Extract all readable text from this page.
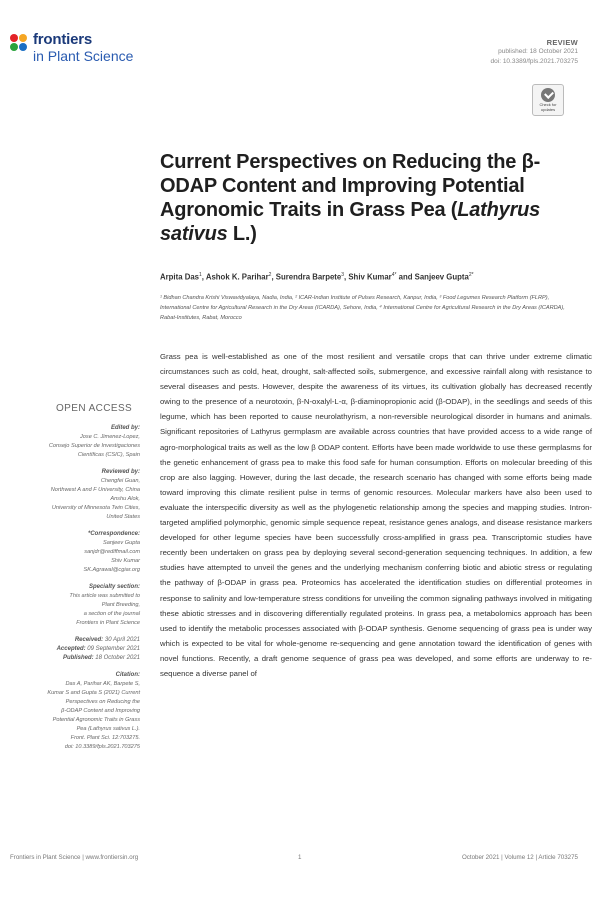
frontiers
in Plant Science
REVIEW
published: 18 October 2021
doi: 10.3389/fpls.2021.703275
Check for updates
Current Perspectives on Reducing the β-ODAP Content and Improving Potential Agronomic Traits in Grass Pea (Lathyrus sativus L.)
Arpita Das$^1$, Ashok K. Parihar$^2$, Surendra Barpete$^3$, Shiv Kumar$^{4*}$ and Sanjeev Gupta$^{2*}$
¹ Bidhan Chandra Krishi Viswavidyalaya, Nadia, India, ² ICAR-Indian Institute of Pulses Research, Kanpur, India, ³ Food Legumes Research Platform (FLRP), International Centre for Agricultural Research in the Dry Areas (ICARDA), Sehore, India, ⁴ International Centre for Agricultural Research in the Dry Areas (ICARDA), Rabat-Institutes, Rabat, Morocco
OPEN ACCESS
Edited by:
Jose C. Jimenez-Lopez,
Consejo Superior de Investigaciones
Científicas (CSIC), Spain
Reviewed by:
Chengfei Guan,
Northwest A and F University, China
Anshu Alok,
University of Minnesota Twin Cities,
United States
*Correspondence:
Sanjeev Gupta
sanjdr@rediffmail.com
Shiv Kumar
SK.Agrawal@cgiar.org
Specialty section:
This article was submitted to
Plant Breeding,
a section of the journal
Frontiers in Plant Science
Received: 30 April 2021
Accepted: 09 September 2021
Published: 18 October 2021
Citation:
Das A, Parihar AK, Barpete S,
Kumar S and Gupta S (2021) Current
Perspectives on Reducing the
β-ODAP Content and Improving
Potential Agronomic Traits in Grass
Pea (Lathyrus sativus L.).
Front. Plant Sci. 12:703275.
doi: 10.3389/fpls.2021.703275
Grass pea is well-established as one of the most resilient and versatile crops that can thrive under extreme climatic circumstances such as cold, heat, drought, salt-affected soils, submergence, and excessive rainfall along with resistance to several diseases and pests. However, despite the awareness of its virtues, its cultivation globally has decreased recently owing to the presence of a neurotoxin, β-N-oxalyl-L-α, β-diaminopropionic acid (β-ODAP), in the seedlings and seeds of this legume, which has been reported to cause neurolathyrism, a non-reversible neurological disorder in humans and animals. Significant repositories of Lathyrus germplasm are available across countries that have provided access to a wide range of agro-morphological traits as well as the low β ODAP content. Efforts have been made worldwide to use these germplasms for the genetic enhancement of grass pea to make this food safe for human consumption. Efforts on molecular breeding of this crop are also lagging. However, during the last decade, the research scenario has changed with some efforts being made toward improving this climate resilient pulse in terms of genomic resources. Molecular markers have also been used to evaluate the interspecific diversity as well as the phylogenetic relationship among the species and mapping studies. Intron-targeted amplified polymorphic, genomic simple sequence repeat, resistance genes analogs, and disease resistance markers developed for other legume species have been successfully cross-amplified in grass pea. Transcriptomic studies have recently been undertaken on grass pea by deploying several second-generation sequencing techniques. In addition, a few studies have attempted to unveil the genes and the underlying mechanism conferring biotic and abiotic stress or regulating the pathway of β-ODAP in grass pea. Proteomics has accelerated the identification studies on differential proteomes in response to salinity and low-temperature stress conditions for unveiling the common signaling pathways involved in mitigating these abiotic stresses and in discovering differentially regulated proteins. In grass pea, a metabolomics approach has been used to identify the metabolic processes associated with β-ODAP synthesis. Genome sequencing of grass pea is under way which is expected to be vital for whole-genome re-sequencing and gene annotation toward the identification of genes with novel functions. Recently, a draft genome sequence of grass pea was developed, and some efforts are underway to re-sequence a diverse panel of
Frontiers in Plant Science | www.frontiersin.org	1	October 2021 | Volume 12 | Article 703275
